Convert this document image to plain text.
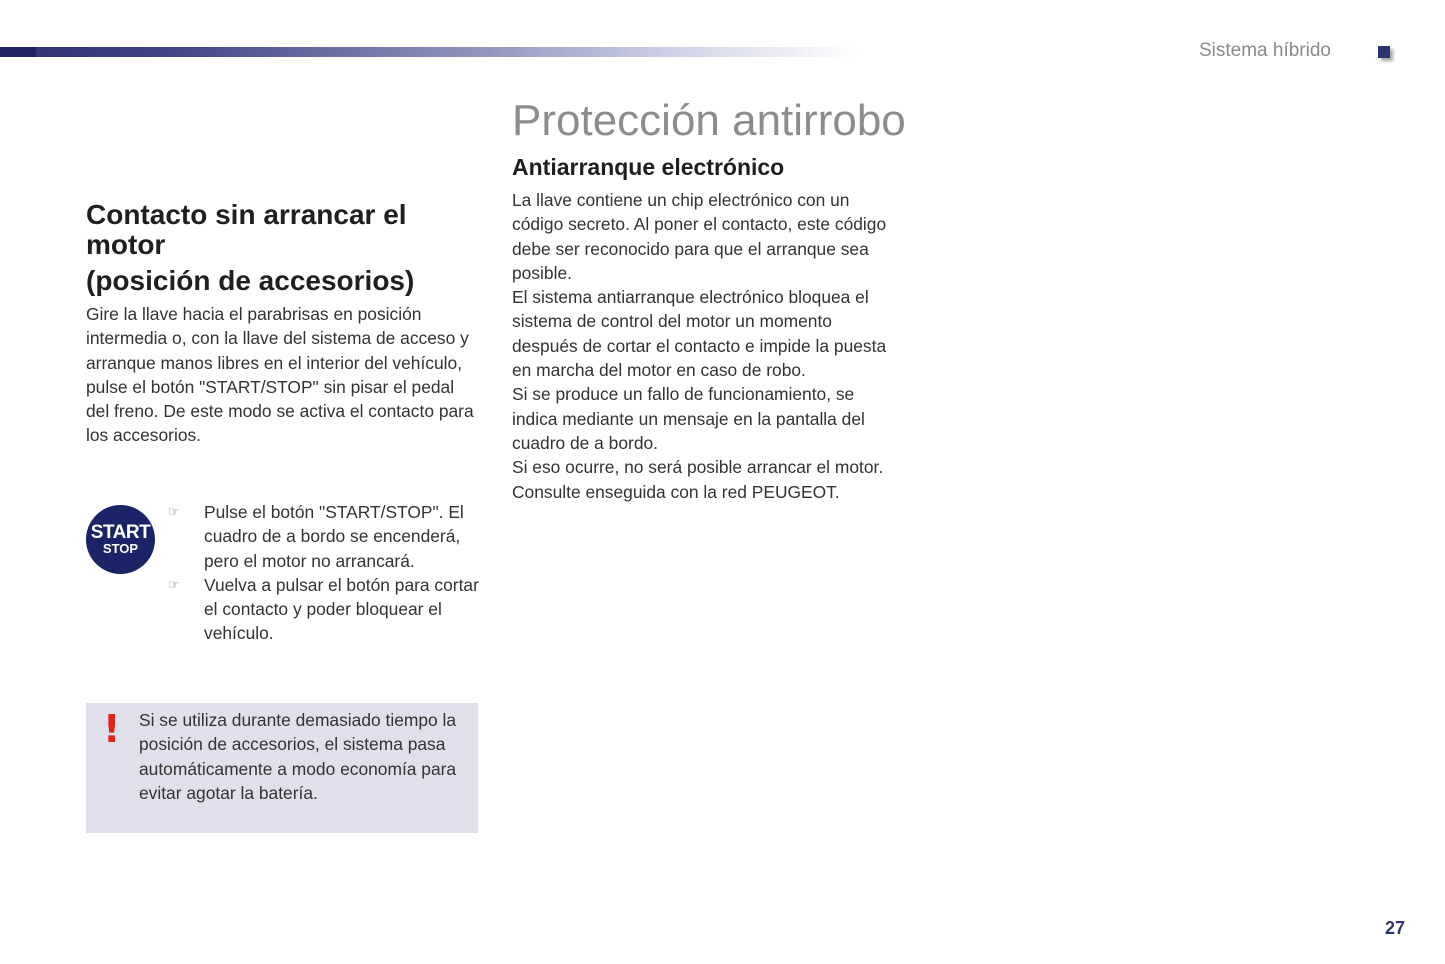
Sistema híbrido
Protección antirrobo
Contacto sin arrancar el
motor
(posición de accesorios)

Gire la llave hacia el parabrisas en posición intermedia o, con la llave del sistema de acceso y arranque manos libres en el interior del vehículo, pulse el botón "START/STOP" sin pisar el pedal del freno. De este modo se activa el contacto para los accesorios.

START
STOP
☞ Pulse el botón "START/STOP". El cuadro de a bordo se encenderá, pero el motor no arrancará.
☞ Vuelva a pulsar el botón para cortar el contacto y poder bloquear el vehículo.
! Si se utiliza durante demasiado tiempo la posición de accesorios, el sistema pasa automáticamente a modo economía para evitar agotar la batería.

Antiarranque electrónico
La llave contiene un chip electrónico con un código secreto. Al poner el contacto, este código debe ser reconocido para que el arranque sea posible.
El sistema antiarranque electrónico bloquea el sistema de control del motor un momento después de cortar el contacto e impide la puesta en marcha del motor en caso de robo.
Si se produce un fallo de funcionamiento, se indica mediante un mensaje en la pantalla del cuadro de a bordo.
Si eso ocurre, no será posible arrancar el motor. Consulte enseguida con la red PEUGEOT.
27
